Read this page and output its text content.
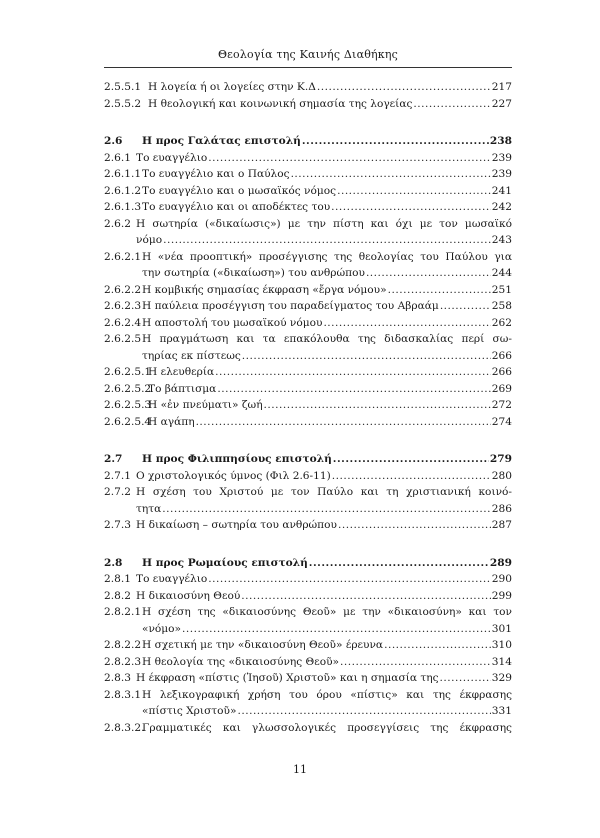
Θεολογία της Καινής Διαθήκης
2.5.5.1 Η λογεία ή οι λογείες στην Κ.Δ .....	217
2.5.5.2 Η θεολογική και κοινωνική σημασία της λογείας .....	227
2.6 Η προς Γαλάτας επιστολή .....	238
2.6.1 Το ευαγγέλιο .....	239
2.6.1.1 Το ευαγγέλιο και ο Παύλος .....	239
2.6.1.2 Το ευαγγέλιο και ο μωσαϊκός νόμος .....	241
2.6.1.3 Το ευαγγέλιο και οι αποδέκτες του .....	242
2.6.2 Η σωτηρία («δικαίωσις») με την πίστη και όχι με τον μωσαϊκό
νόμο .....	243
2.6.2.1 Η «νέα προοπτική» προσέγγισης της θεολογίας του Παύλου για
την σωτηρία («δικαίωση») του ανθρώπου .....	244
2.6.2.2 Η κομβικής σημασίας έκφραση «ἔργα νόμου» .....	251
2.6.2.3 Η παύλεια προσέγγιση του παραδείγματος του Αβραάμ .....	258
2.6.2.4 Η αποστολή του μωσαϊκού νόμου .....	262
2.6.2.5 Η πραγμάτωση και τα επακόλουθα της διδασκαλίας περί σω-
τηρίας εκ πίστεως .....	266
2.6.2.5.1
Η ελευθερία .....	266
2.6.2.5.2
Το βάπτισμα .....	269
2.6.2.5.3
Η «ἐν πνεύματι» ζωή .....	272
2.6.2.5.4
Η αγάπη .....	274
2.7 Η προς Φιλιππησίους επιστολή .....	279
2.7.1 Ο χριστολογικός ύμνος (Φιλ 2.6-11) .....	280
2.7.2 Η σχέση του Χριστού με τον Παύλο και τη χριστιανική κοινό-
τητα .....	286
2.7.3 Η δικαίωση – σωτηρία του ανθρώπου .....	287
2.8 Η προς Ρωμαίους επιστολή .....	289
2.8.1 Το ευαγγέλιο .....	290
2.8.2 Η δικαιοσύνη Θεού .....	299
2.8.2.1 Η σχέση της «δικαιοσύνης Θεοῦ» με την «δικαιοσύνη» και τον
«νόμο» .....	301
2.8.2.2 Η σχετική με την «δικαιοσύνη Θεοῦ» έρευνα .....	310
2.8.2.3 Η θεολογία της «δικαιοσύνης Θεοῦ» .....	314
2.8.3 Η έκφραση «πίστις (Ἰησοῦ) Χριστοῦ» και η σημασία της .....	329
2.8.3.1 Η λεξικογραφική χρήση του όρου «πίστις» και της έκφρασης
«πίστις Χριστοῦ» .....	331
2.8.3.2.
Γραμματικές και γλωσσολογικές προσεγγίσεις της έκφρασης
11
